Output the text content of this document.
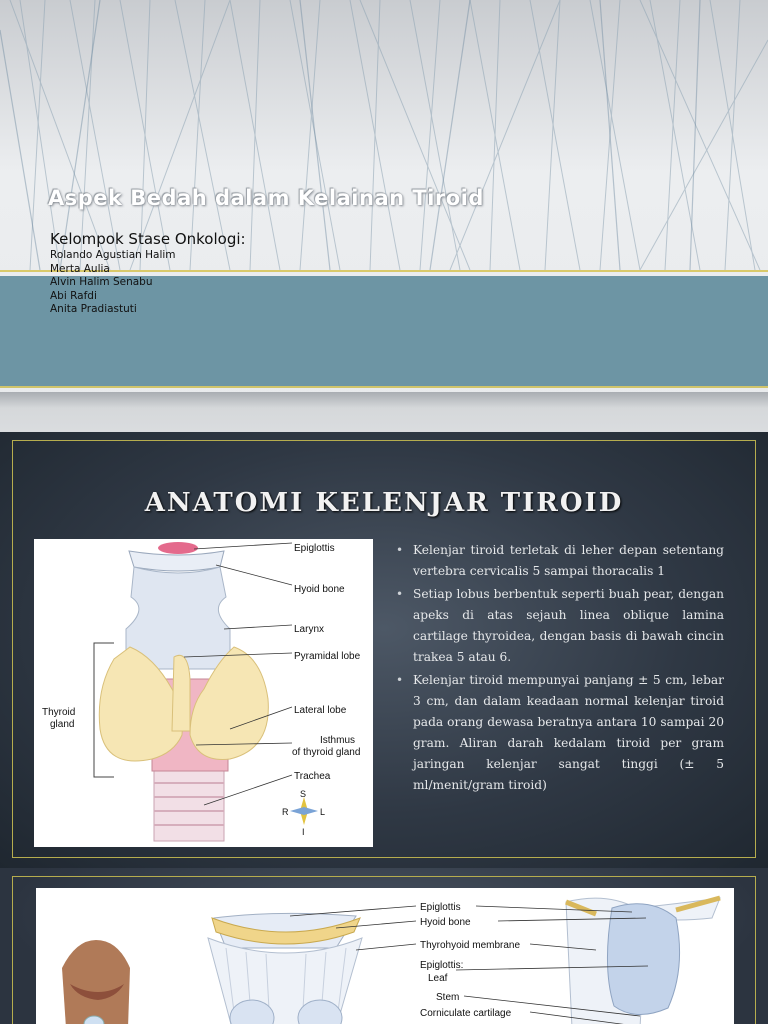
Aspek Bedah dalam Kelainan Tiroid
Kelompok Stase Onkologi:
Rolando Agustian Halim
Merta Aulia
Alvin Halim Senabu
Abi Rafdi
Anita Pradiastuti
ANATOMI KELENJAR TIROID
Epiglottis
Hyoid bone
Larynx
Pyramidal lobe
Lateral lobe
Isthmus
of thyroid gland
Trachea
Thyroid
gland
S
R	L
I
• Kelenjar tiroid terletak di leher depan setentang vertebra cervicalis 5 sampai thoracalis 1
• Setiap lobus berbentuk seperti buah pear, dengan apeks di atas sejauh linea oblique lamina cartilage thyroidea, dengan basis di bawah cincin trakea 5 atau 6.
• Kelenjar tiroid mempunyai panjang ± 5 cm, lebar 3 cm, dan dalam keadaan normal kelenjar tiroid pada orang dewasa beratnya antara 10 sampai 20 gram. Aliran darah kedalam tiroid per gram jaringan kelenjar sangat tinggi (± 5 ml/menit/gram tiroid)
Epiglottis
Hyoid bone
Thyrohyoid membrane
Epiglottis:
Leaf
Stem
Corniculate cartilage
